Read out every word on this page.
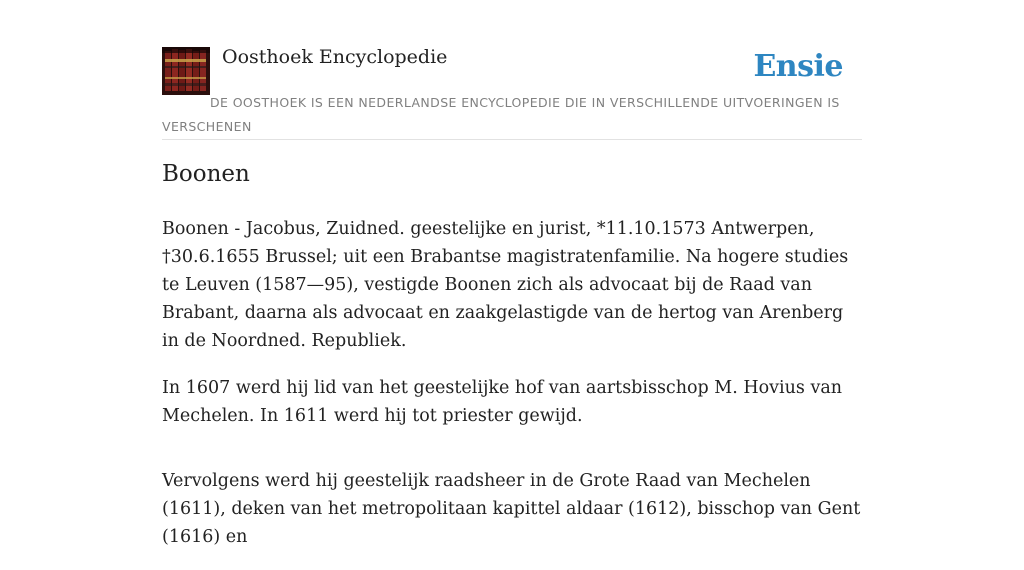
Oosthoek Encyclopedie	Ensie
DE OOSTHOEK IS EEN NEDERLANDSE ENCYCLOPEDIE DIE IN VERSCHILLENDE UITVOERINGEN IS VERSCHENEN
Boonen

Boonen - Jacobus, Zuidned. geestelijke en jurist, *11.10.1573 Antwerpen, †30.6.1655 Brussel; uit een Brabantse magistratenfamilie. Na hogere studies te Leuven (1587—95), vestigde Boonen zich als advocaat bij de Raad van Brabant, daarna als advocaat en zaakgelastigde van de hertog van Arenberg in de Noordned. Republiek.

In 1607 werd hij lid van het geestelijke hof van aartsbisschop M. Hovius van Mechelen. In 1611 werd hij tot priester gewijd.

Vervolgens werd hij geestelijk raadsheer in de Grote Raad van Mechelen (1611), deken van het metropolitaan kapittel aldaar (1612), bisschop van Gent (1616) en
